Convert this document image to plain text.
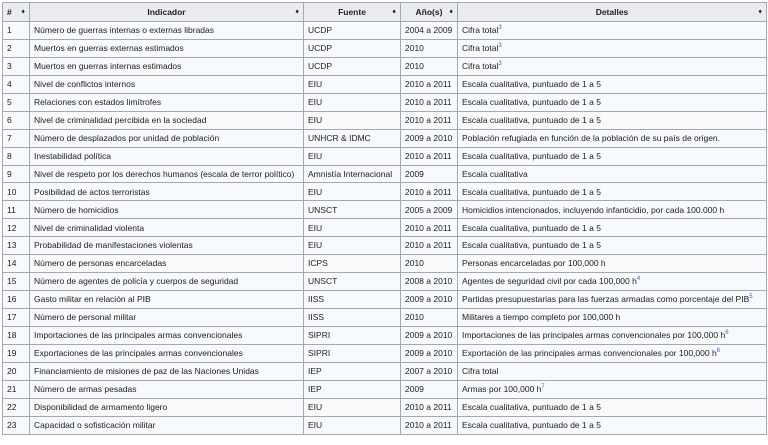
# ♦	Indicador ♦	Fuente ♦	Año(s) ♦	Detalles ♦

1	Número de guerras internas o externas libradas	UCDP	2004 a 2009	Cifra total$^3$
2	Muertos en guerras externas estimados	UCDP	2010	Cifra total$^3$
3	Muertos en guerras internas estimados	UCDP	2010	Cifra total$^3$
4	Nivel de conflictos internos	EIU	2010 a 2011	Escala cualitativa, puntuado de 1 a 5
5	Relaciones con estados limítrofes	EIU	2010 a 2011	Escala cualitativa, puntuado de 1 a 5
6	Nivel de criminalidad percibida en la sociedad	EIU	2010 a 2011	Escala cualitativa, puntuado de 1 a 5
7	Número de desplazados por unidad de población	UNHCR & IDMC	2009 a 2010	Población refugiada en función de la población de su país de origen.
8	Inestabilidad política	EIU	2010 a 2011	Escala cualitativa, puntuado de 1 a 5
9	Nivel de respeto por los derechos humanos (escala de terror político)	Amnistía Internacional	2009	Escala cualitativa
10	Posibilidad de actos terroristas	EIU	2010 a 2011	Escala cualitativa, puntuado de 1 a 5
11	Número de homicidios	UNSCT	2005 a 2009	Homicidios intencionados, incluyendo infanticidio, por cada 100.000 h
12	Nivel de criminalidad violenta	EIU	2010 a 2011	Escala cualitativa, puntuado de 1 a 5
13	Probabilidad de manifestaciones violentas	EIU	2010 a 2011	Escala cualitativa, puntuado de 1 a 5
14	Número de personas encarceladas	ICPS	2010	Personas encarceladas por 100,000 h
15	Número de agentes de policía y cuerpos de seguridad	UNSCT	2008 a 2010	Agentes de seguridad civil por cada 100,000 $h^4$
16	Gasto militar en relación al PIB	IISS	2009 a 2010	Partidas presupuestarias para las fuerzas armadas como porcentaje del PIB$^5$
17	Número de personal militar	IISS	2010	Militares a tiempo completo por 100,000 h
18	Importaciones de las principales armas convencionales	SIPRI	2009 a 2010	Importaciones de las principales armas convencionales por 100,000 $h^6$
19	Exportaciones de las principales armas convencionales	SIPRI	2009 a 2010	Exportación de las principales armas convencionales por 100,000 $h^6$
20	Financiamiento de misiones de paz de las Naciones Unidas	IEP	2007 a 2010	Cifra total
21	Número de armas pesadas	IEP	2009	Armas por 100,000 $h^7$
22	Disponibilidad de armamento ligero	EIU	2010 a 2011	Escala cualitativa, puntuado de 1 a 5
23	Capacidad o sofisticación militar	EIU	2010 a 2011	Escala cualitativa, puntuado de 1 a 5
